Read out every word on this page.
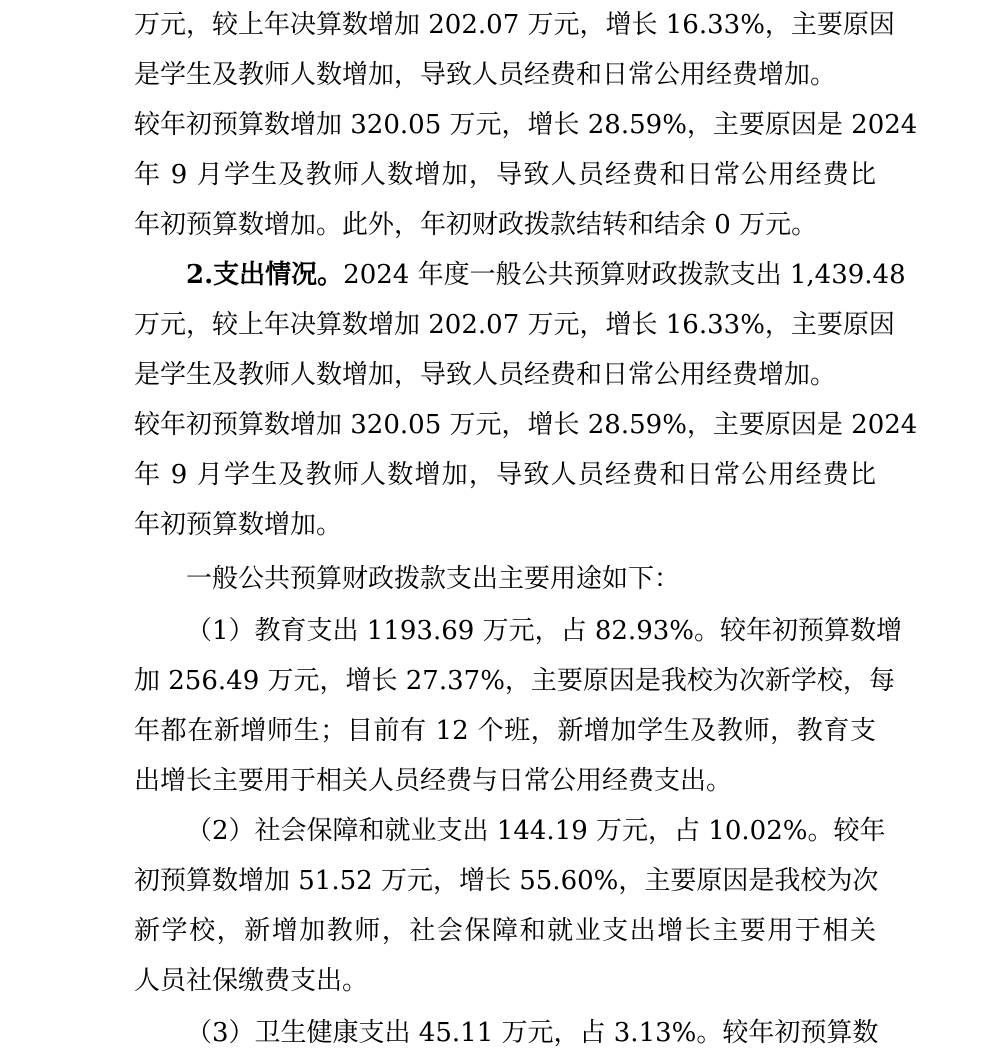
万元，较上年决算数增加 202.07 万元，增长 16.33%，主要原因
是学生及教师人数增加，导致人员经费和日常公用经费增加。
较年初预算数增加 320.05 万元，增长 28.59%，主要原因是 2024
年 9 月学生及教师人数增加，导致人员经费和日常公用经费比
年初预算数增加。此外，年初财政拨款结转和结余 0 万元。
2.支出情况。2024 年度一般公共预算财政拨款支出 1,439.48
万元，较上年决算数增加 202.07 万元，增长 16.33%，主要原因
是学生及教师人数增加，导致人员经费和日常公用经费增加。
较年初预算数增加 320.05 万元，增长 28.59%，主要原因是 2024
年 9 月学生及教师人数增加，导致人员经费和日常公用经费比
年初预算数增加。
一般公共预算财政拨款支出主要用途如下：
（1）教育支出 1193.69 万元，占 82.93%。较年初预算数增
加 256.49 万元，增长 27.37%，主要原因是我校为次新学校，每
年都在新增师生；目前有 12 个班，新增加学生及教师，教育支
出增长主要用于相关人员经费与日常公用经费支出。
（2）社会保障和就业支出 144.19 万元，占 10.02%。较年
初预算数增加 51.52 万元，增长 55.60%，主要原因是我校为次
新学校，新增加教师，社会保障和就业支出增长主要用于相关
人员社保缴费支出。
（3）卫生健康支出 45.11 万元，占 3.13%。较年初预算数
